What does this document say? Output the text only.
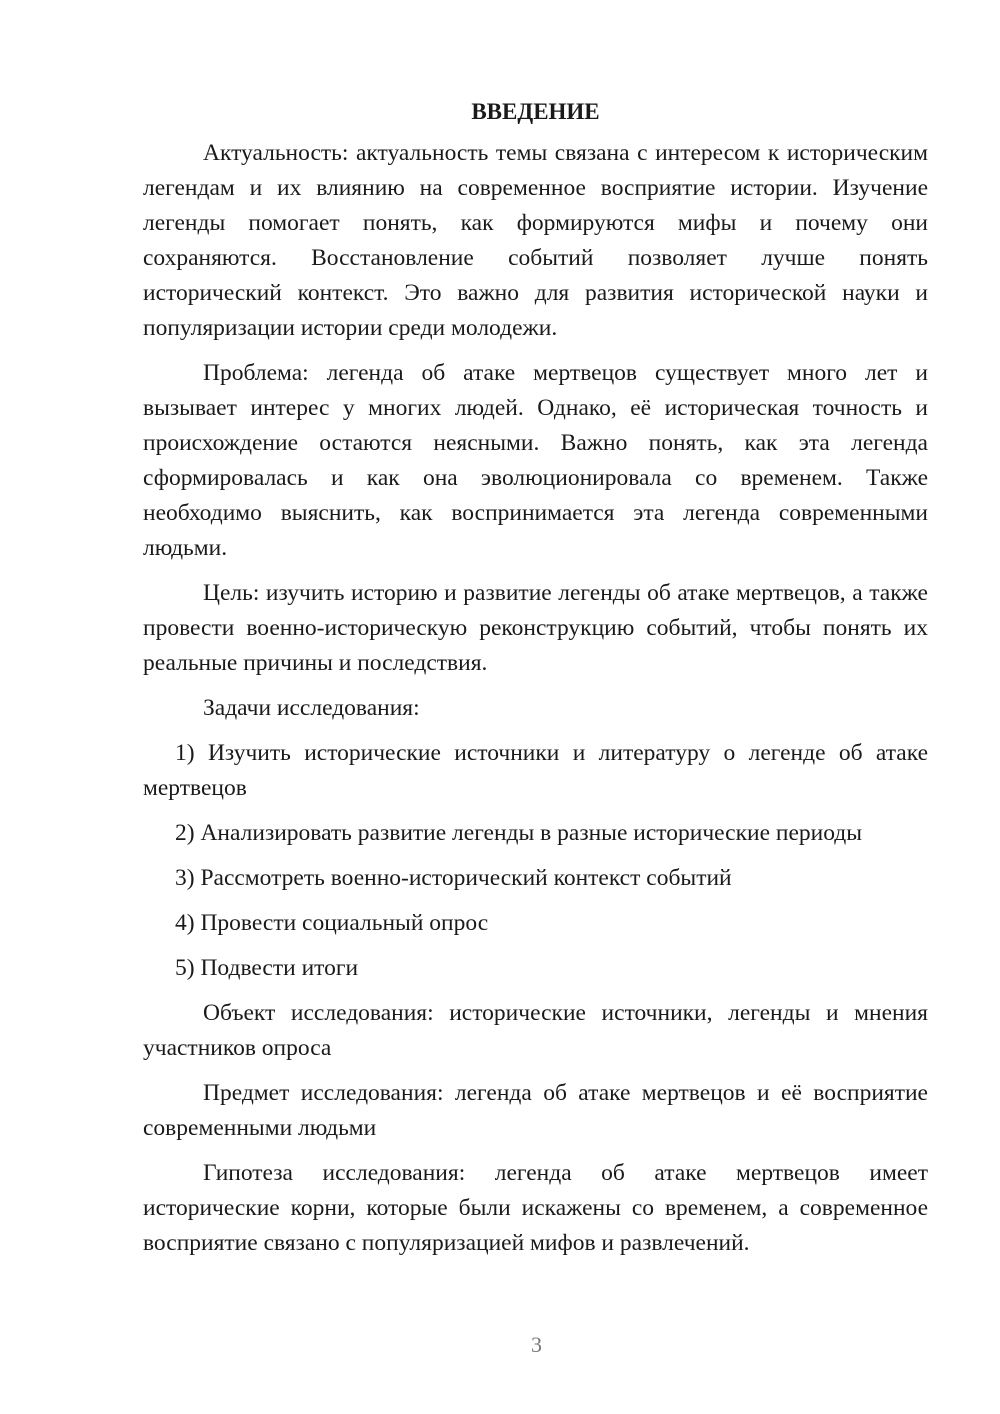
ВВЕДЕНИЕ

Актуальность: актуальность темы связана с интересом к историческим легендам и их влиянию на современное восприятие истории. Изучение легенды помогает понять, как формируются мифы и почему они сохраняются. Восстановление событий позволяет лучше понять исторический контекст. Это важно для развития исторической науки и популяризации истории среди молодежи.

Проблема: легенда об атаке мертвецов существует много лет и вызывает интерес у многих людей. Однако, её историческая точность и происхождение остаются неясными. Важно понять, как эта легенда сформировалась и как она эволюционировала со временем. Также необходимо выяснить, как воспринимается эта легенда современными людьми.

Цель: изучить историю и развитие легенды об атаке мертвецов, а также провести военно-историческую реконструкцию событий, чтобы понять их реальные причины и последствия.

Задачи исследования:

1) Изучить исторические источники и литературу о легенде об атаке мертвецов

2) Анализировать развитие легенды в разные исторические периоды

3) Рассмотреть военно-исторический контекст событий

4) Провести социальный опрос

5) Подвести итоги

Объект исследования: исторические источники, легенды и мнения участников опроса

Предмет исследования: легенда об атаке мертвецов и её восприятие современными людьми

Гипотеза исследования: легенда об атаке мертвецов имеет исторические корни, которые были искажены со временем, а современное восприятие связано с популяризацией мифов и развлечений.

3
